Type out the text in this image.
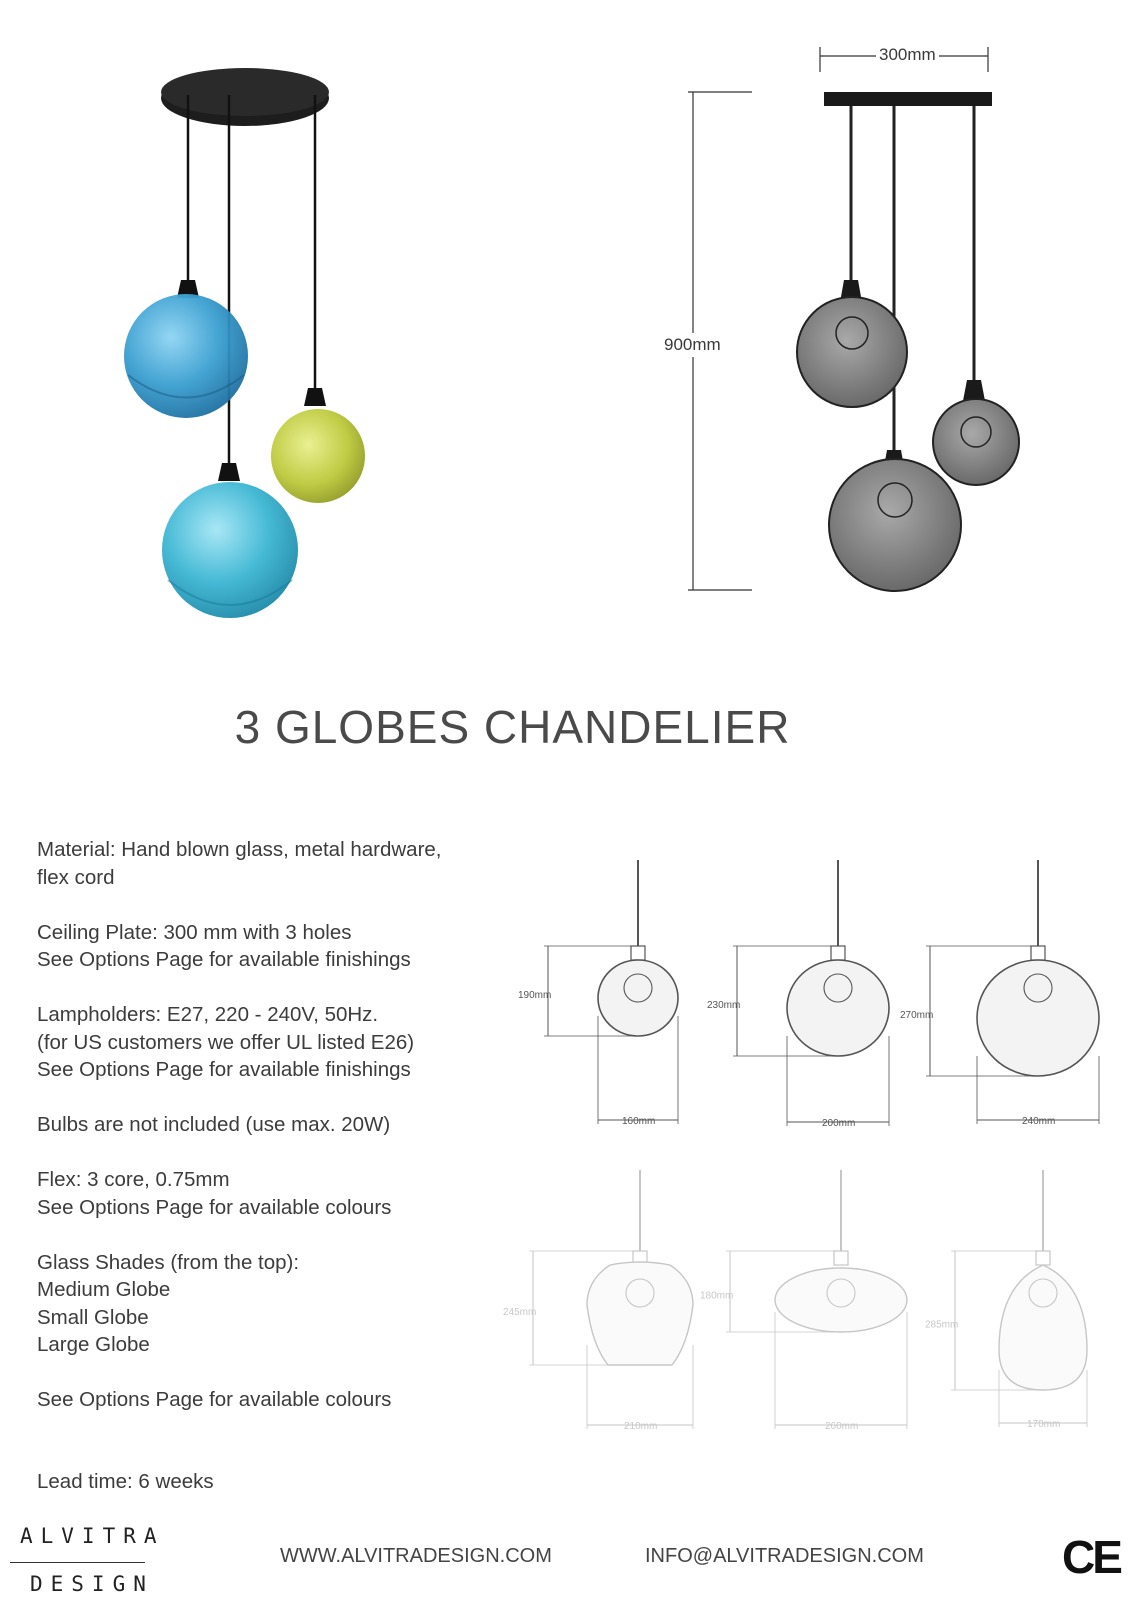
300mm
900mm
3 GLOBES CHANDELIER

Material: Hand blown glass, metal hardware,
flex cord

Ceiling Plate: 300 mm with 3 holes
See Options Page for available finishings

Lampholders: E27, 220 - 240V, 50Hz.
(for US customers we offer UL listed E26)
See Options Page for available finishings

Bulbs are not included (use max. 20W)

Flex: 3 core, 0.75mm
See Options Page for available colours

Glass Shades (from the top):
Medium Globe
Small Globe
Large Globe

See Options Page for available colours

Lead time: 6 weeks
190mm
160mm
230mm
200mm
270mm
240mm
245mm
210mm
180mm
260mm
285mm
170mm
ALVITRA
DESIGN
WWW.ALVITRADESIGN.COM	INFO@ALVITRADESIGN.COM	CE
